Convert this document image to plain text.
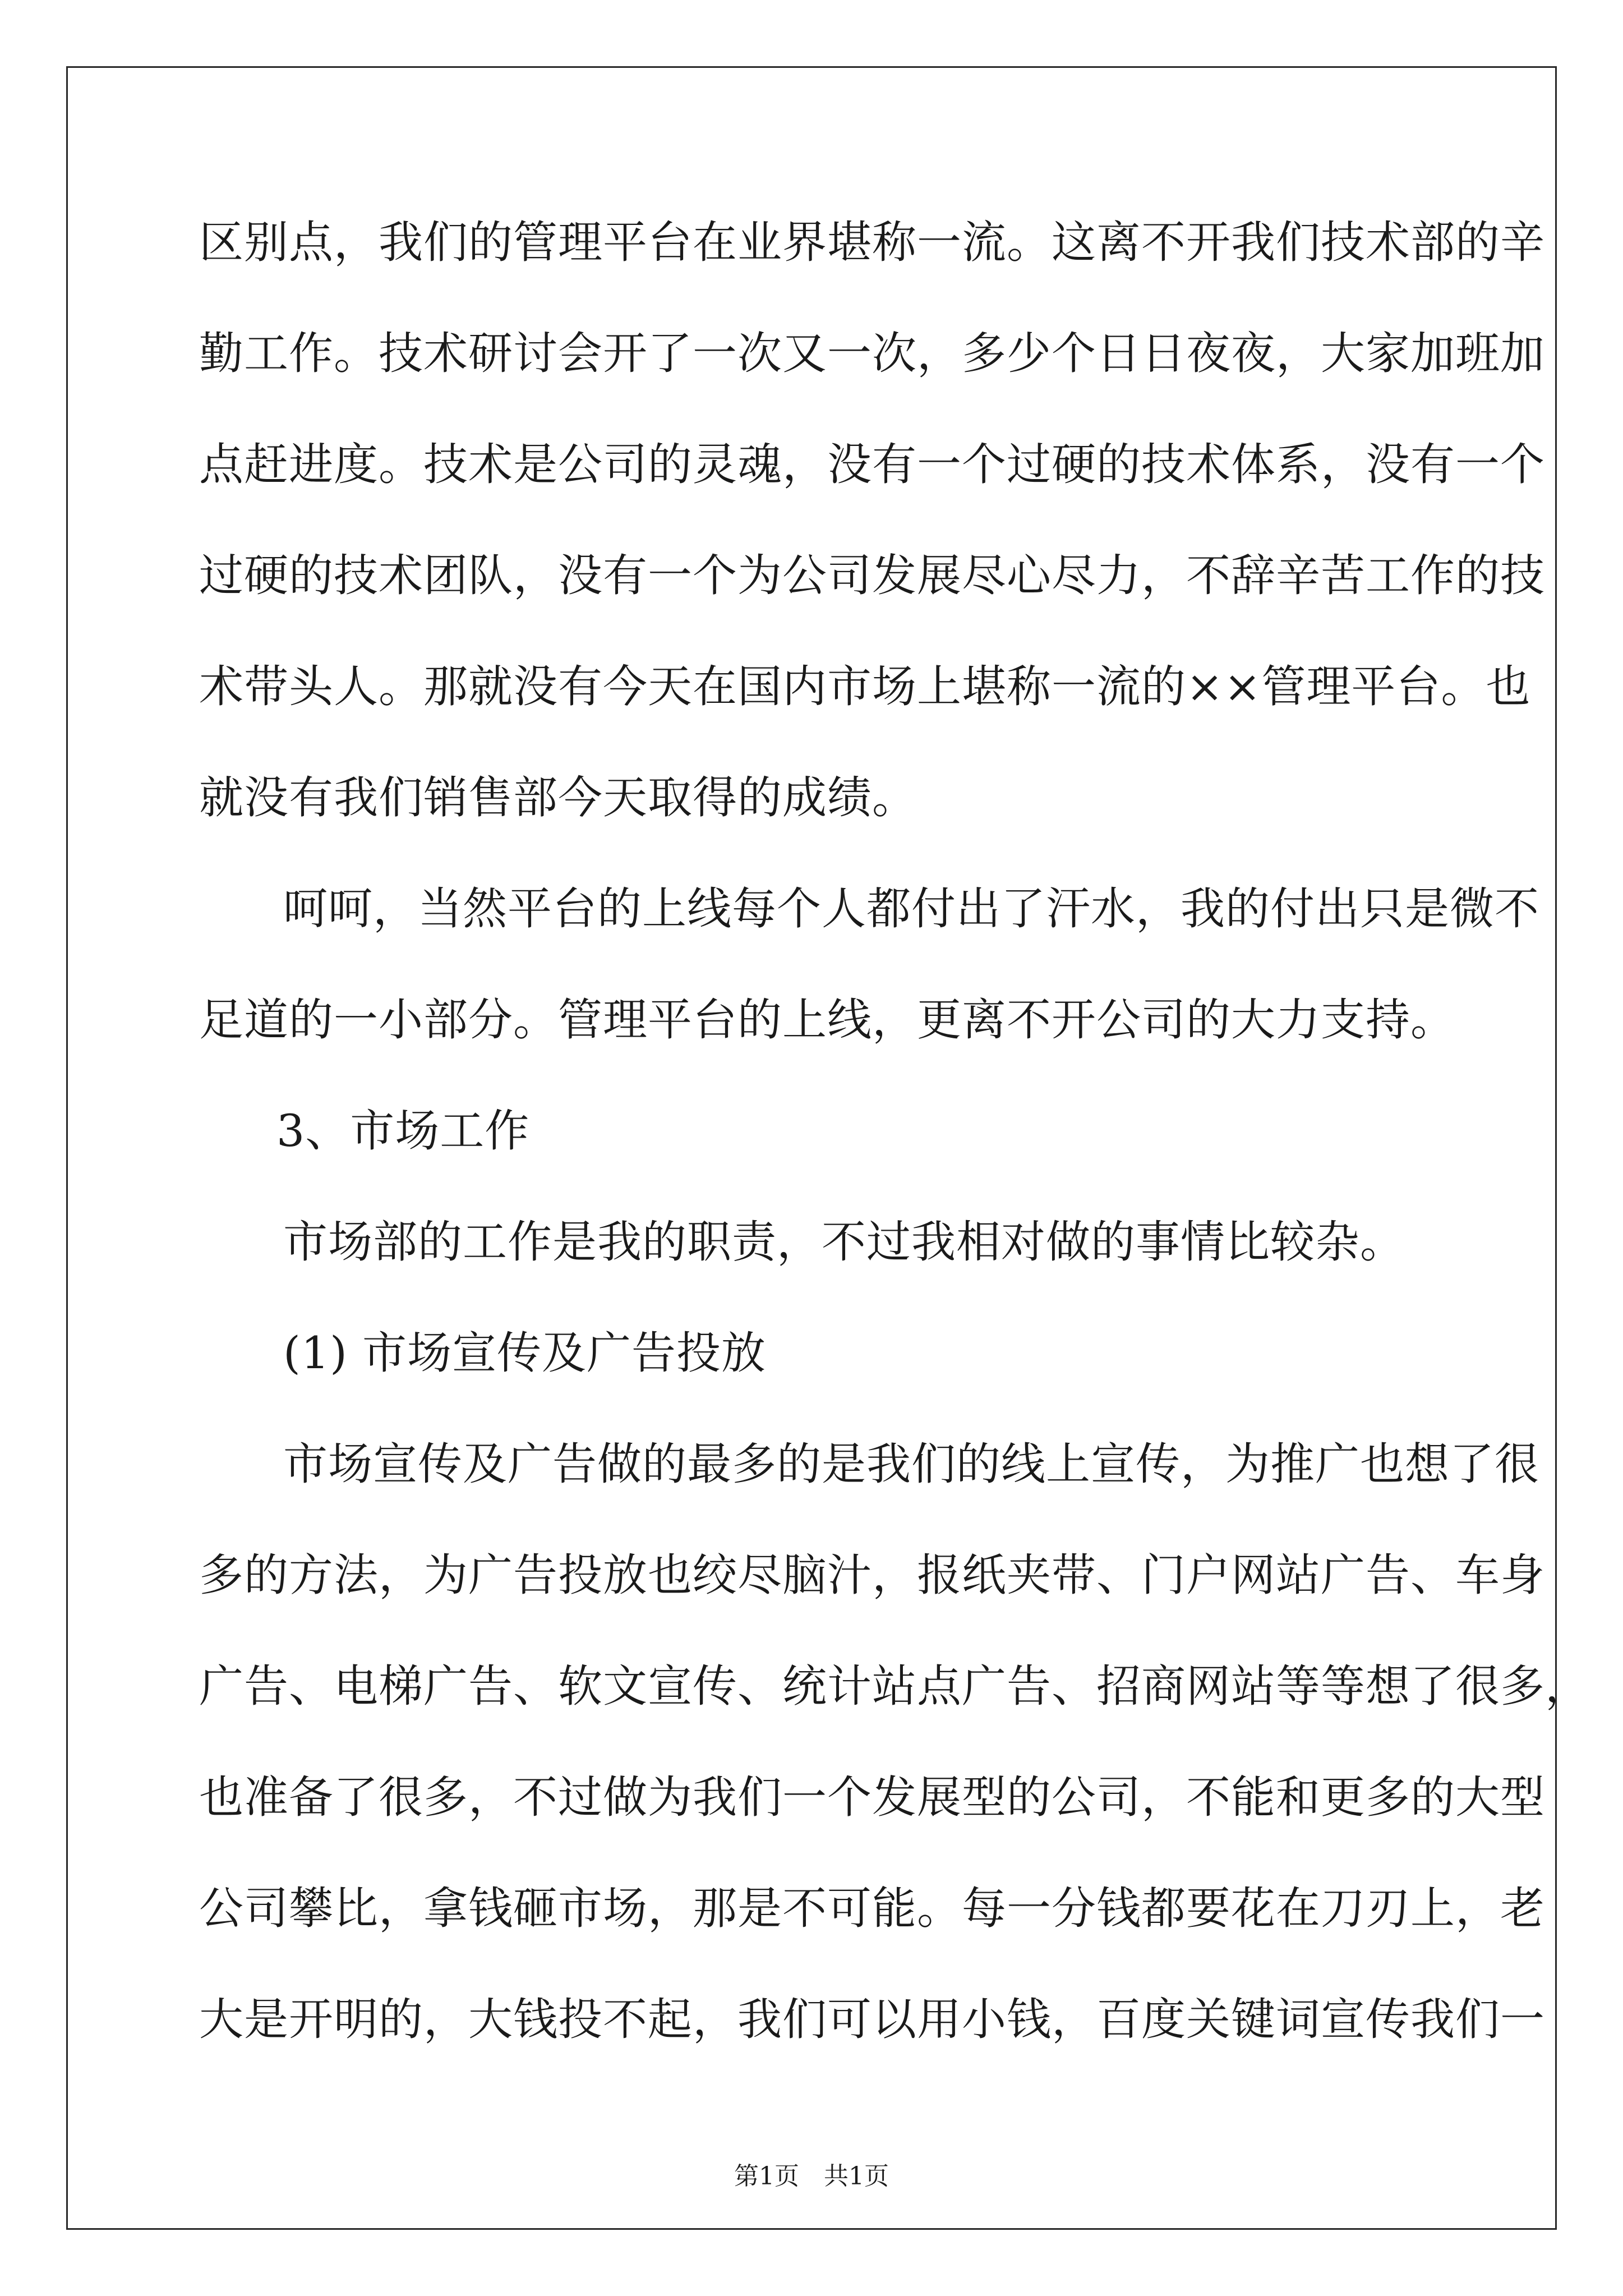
区别点，我们的管理平台在业界堪称一流。这离不开我们技术部的辛
勤工作。技术研讨会开了一次又一次，多少个日日夜夜，大家加班加
点赶进度。技术是公司的灵魂，没有一个过硬的技术体系，没有一个
过硬的技术团队，没有一个为公司发展尽心尽力，不辞辛苦工作的技
术带头人。那就没有今天在国内市场上堪称一流的××管理平台。也
就没有我们销售部今天取得的成绩。
呵呵，当然平台的上线每个人都付出了汗水，我的付出只是微不
足道的一小部分。管理平台的上线，更离不开公司的大力支持。
3、市场工作
市场部的工作是我的职责，不过我相对做的事情比较杂。
(1) 市场宣传及广告投放
市场宣传及广告做的最多的是我们的线上宣传，为推广也想了很
多的方法，为广告投放也绞尽脑汁，报纸夹带、门户网站广告、车身
广告、电梯广告、软文宣传、统计站点广告、招商网站等等想了很多，
也准备了很多，不过做为我们一个发展型的公司，不能和更多的大型
公司攀比，拿钱砸市场，那是不可能。每一分钱都要花在刀刃上，老
大是开明的，大钱投不起，我们可以用小钱，百度关键词宣传我们一
第1页　共1页
